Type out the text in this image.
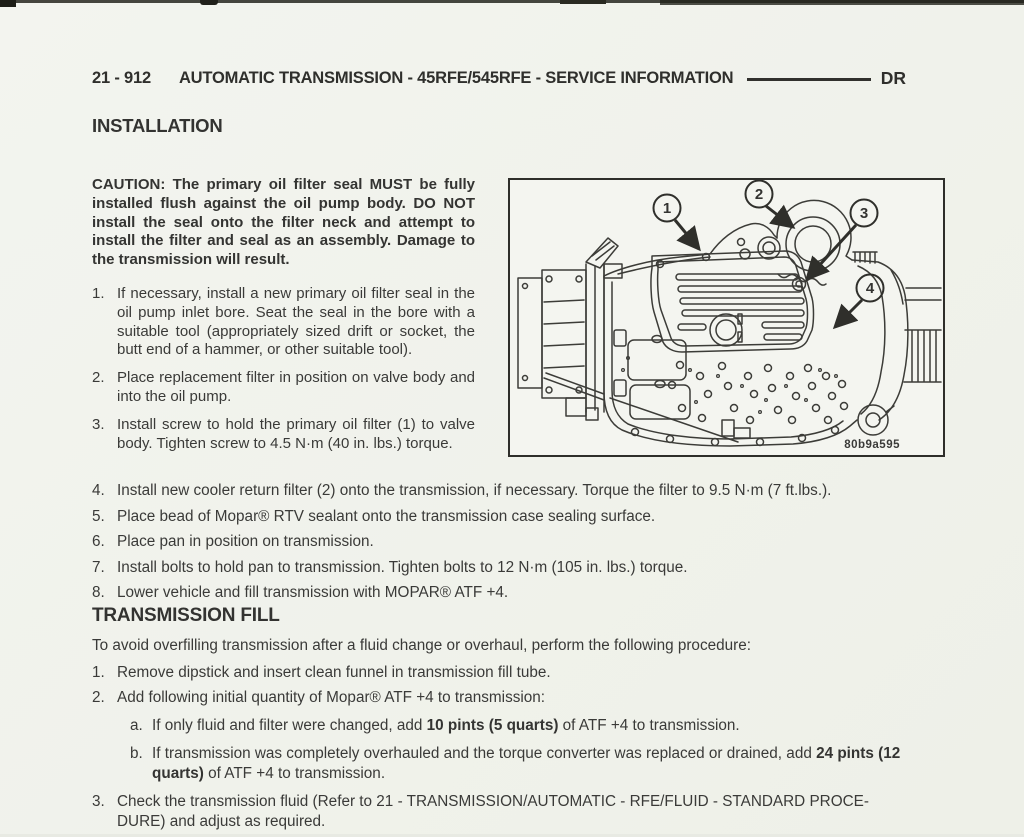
21 - 912 AUTOMATIC TRANSMISSION - 45RFE/545RFE - SERVICE INFORMATION	DR
INSTALLATION

CAUTION: The primary oil filter seal MUST be fully installed flush against the oil pump body. DO NOT install the seal onto the filter neck and attempt to install the filter and seal as an assembly. Damage to the transmission will result.

1. If necessary, install a new primary oil filter seal in the oil pump inlet bore. Seat the seal in the bore with a suitable tool (appropriately sized drift or socket, the butt end of a hammer, or other suitable tool).
2. Place replacement filter in position on valve body and into the oil pump.
3. Install screw to hold the primary oil filter (1) to valve body. Tighten screw to 4.5 N·m (40 in. lbs.) torque.
1
2
3
4
80b9a595
4. Install new cooler return filter (2) onto the transmission, if necessary. Torque the filter to 9.5 N·m (7 ft.lbs.).
5. Place bead of Mopar® RTV sealant onto the transmission case sealing surface.
6. Place pan in position on transmission.
7. Install bolts to hold pan to transmission. Tighten bolts to 12 N·m (105 in. lbs.) torque.
8. Lower vehicle and fill transmission with MOPAR® ATF +4.
TRANSMISSION FILL

To avoid overfilling transmission after a fluid change or overhaul, perform the following procedure:

1. Remove dipstick and insert clean funnel in transmission fill tube.
2. Add following initial quantity of Mopar® ATF +4 to transmission:
a. If only fluid and filter were changed, add 10 pints (5 quarts) of ATF +4 to transmission.
b. If transmission was completely overhauled and the torque converter was replaced or drained, add 24 pints (12 quarts) of ATF +4 to transmission.
3. Check the transmission fluid (Refer to 21 - TRANSMISSION/AUTOMATIC - RFE/FLUID - STANDARD PROCE-DURE) and adjust as required.
